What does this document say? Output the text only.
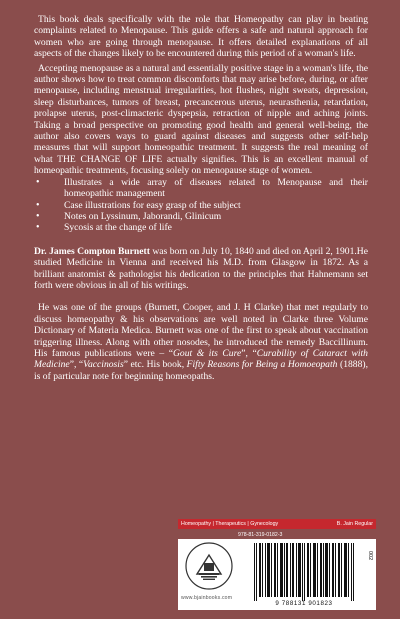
This book deals specifically with the role that Homeopathy can play in beating complaints related to Menopause. This guide offers a safe and natural approach for women who are going through menopause. It offers detailed explanations of all aspects of the changes likely to be encountered during this period of a woman's life.

Accepting menopause as a natural and essentially positive stage in a woman's life, the author shows how to treat common discomforts that may arise before, during, or after menopause, including menstrual irregularities, hot flushes, night sweats, depression, sleep disturbances, tumors of breast, precancerous uterus, neurasthenia, retardation, prolapse uterus, post-climacteric dyspepsia, retraction of nipple and aching joints. Taking a broad perspective on promoting good health and general well-being, the author also covers ways to guard against diseases and suggests other self-help measures that will support homeopathic treatment. It suggests the real meaning of what THE CHANGE OF LIFE actually signifies. This is an excellent manual of homeopathic treatments, focusing solely on menopause stage of women.

• Illustrates a wide array of diseases related to Menopause and their homeopathic management
• Case illustrations for easy grasp of the subject
• Notes on Lyssinum, Jaborandi, Glinicum
• Sycosis at the change of life

Dr. James Compton Burnett was born on July 10, 1840 and died on April 2, 1901.He studied Medicine in Vienna and received his M.D. from Glasgow in 1872. As a brilliant anatomist & pathologist his dedication to the principles that Hahnemann set forth were obvious in all of his writings.

He was one of the groups (Burnett, Cooper, and J. H Clarke) that met regularly to discuss homeopathy & his observations are well noted in Clarke three Volume Dictionary of Materia Medica. Burnett was one of the first to speak about vaccination triggering illness. Along with other nosodes, he introduced the remedy Baccillinum. His famous publications were – “Gout & its Cure”, “Curability of Cataract with Medicine”, “Vaccinosis” etc. His book, Fifty Reasons for Being a Homoeopath (1888), is of particular note for beginning homeopaths.

Homeopathy | Therapeutics | Gynecology	B. Jain Regular
978-81-319-0182-3
www.bjainbooks.com
9 788131 901823
002
